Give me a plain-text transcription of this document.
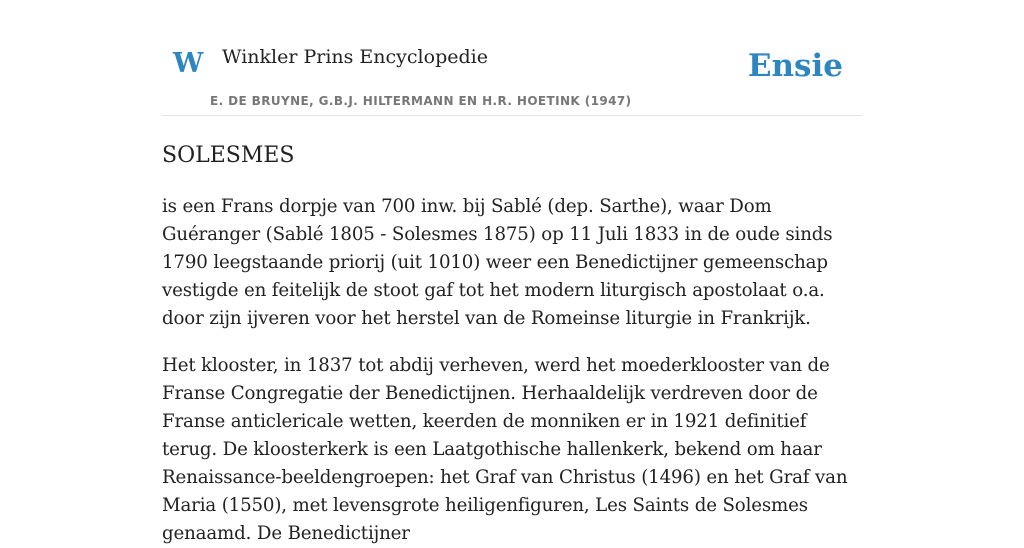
W Winkler Prins Encyclopedie
E. DE BRUYNE, G.B.J. HILTERMANN EN H.R. HOETINK (1947)
Ensie
SOLESMES

is een Frans dorpje van 700 inw. bij Sablé (dep. Sarthe), waar Dom Guéranger (Sablé 1805 - Solesmes 1875) op 11 Juli 1833 in de oude sinds 1790 leegstaande priorij (uit 1010) weer een Benedictijner gemeenschap vestigde en feitelijk de stoot gaf tot het modern liturgisch apostolaat o.a. door zijn ijveren voor het herstel van de Romeinse liturgie in Frankrijk.

Het klooster, in 1837 tot abdij verheven, werd het moederklooster van de Franse Congregatie der Benedictijnen. Herhaaldelijk verdreven door de Franse anticlericale wetten, keerden de monniken er in 1921 definitief terug. De kloosterkerk is een Laatgothische hallenkerk, bekend om haar Renaissance-beeldengroepen: het Graf van Christus (1496) en het Graf van Maria (1550), met levensgrote heiligenfiguren, Les Saints de Solesmes genaamd. De Benedictijner
